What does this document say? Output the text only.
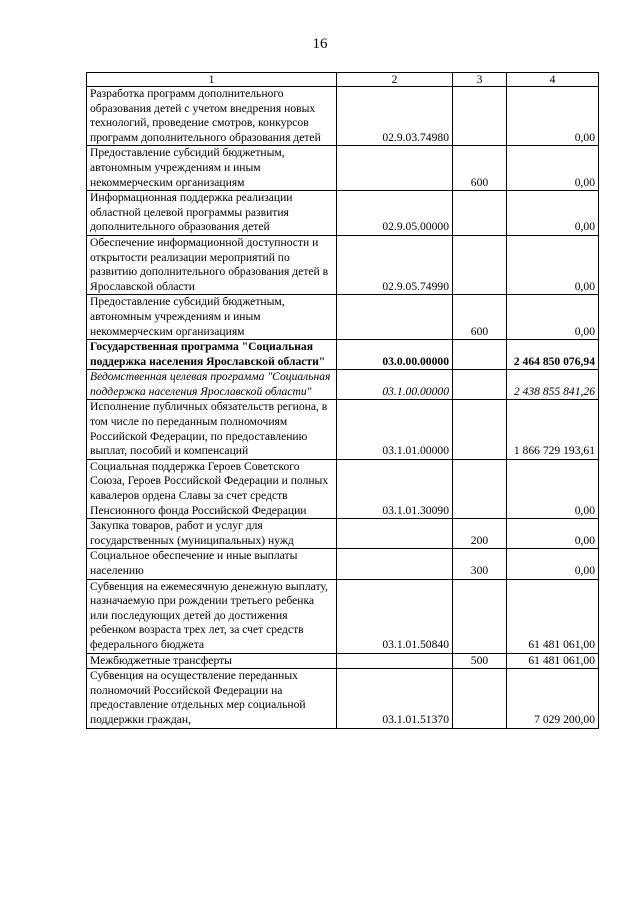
16
1	2	3	4
Разработка программ дополнительного образования детей с учетом внедрения новых технологий, проведение смотров, конкурсов программ дополнительного образования детей	02.9.03.74980		0,00
Предоставление субсидий бюджетным, автономным учреждениям и иным некоммерческим организациям		600	0,00
Информационная поддержка реализации областной целевой программы развития дополнительного образования детей	02.9.05.00000		0,00
Обеспечение информационной доступности и открытости реализации мероприятий по развитию дополнительного образования детей в Ярославской области	02.9.05.74990		0,00
Предоставление субсидий бюджетным, автономным учреждениям и иным некоммерческим организациям		600	0,00
Государственная программа "Социальная поддержка населения Ярославской области"	03.0.00.00000		2 464 850 076,94
Ведомственная целевая программа "Социальная поддержка населения Ярославской области"	03.1.00.00000		2 438 855 841,26
Исполнение публичных обязательств региона, в том числе по переданным полномочиям Российской Федерации, по предоставлению выплат, пособий и компенсаций	03.1.01.00000		1 866 729 193,61
Социальная поддержка Героев Советского Союза, Героев Российской Федерации и полных кавалеров ордена Славы за счет средств Пенсионного фонда Российской Федерации	03.1.01.30090		0,00
Закупка товаров, работ и услуг для государственных (муниципальных) нужд		200	0,00
Социальное обеспечение и иные выплаты населению		300	0,00
Субвенция на ежемесячную денежную выплату, назначаемую при рождении третьего ребенка или последующих детей до достижения ребенком возраста трех лет, за счет средств федерального бюджета	03.1.01.50840		61 481 061,00
Межбюджетные трансферты		500	61 481 061,00
Субвенция на осуществление переданных полномочий Российской Федерации на предоставление отдельных мер социальной поддержки граждан,	03.1.01.51370		7 029 200,00
